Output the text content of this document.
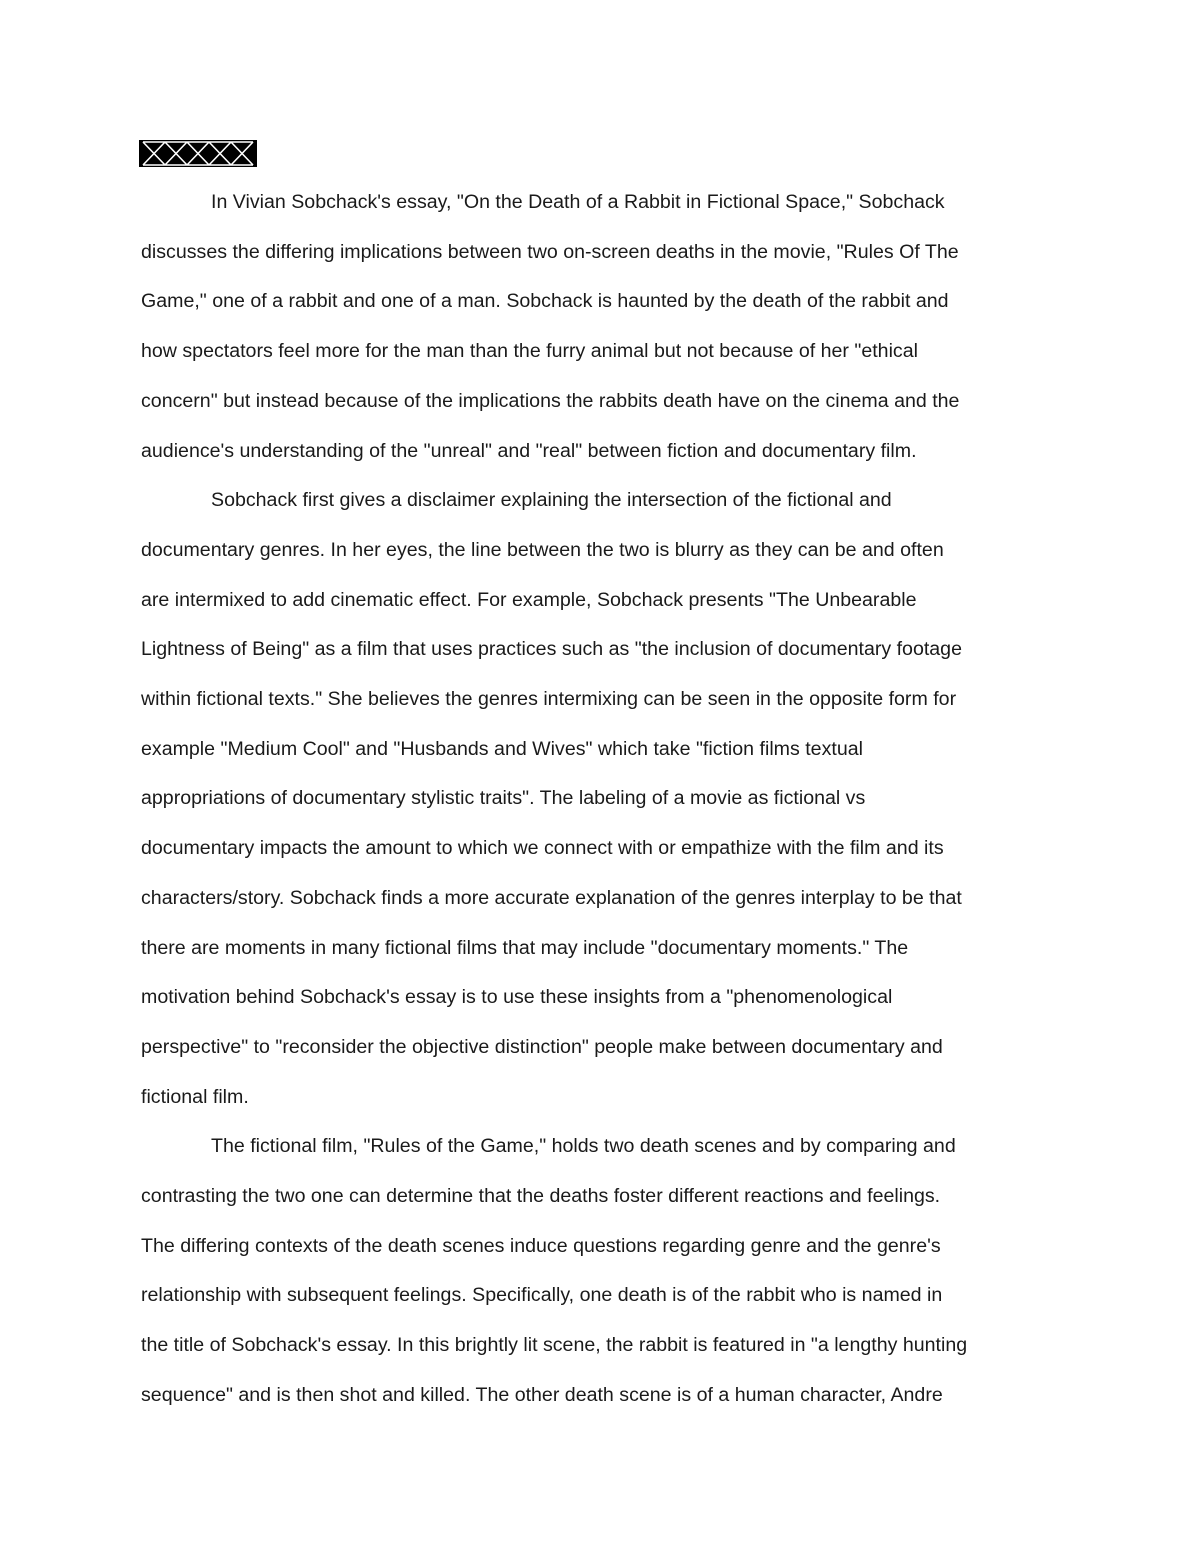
In Vivian Sobchack's essay, "On the Death of a Rabbit in Fictional Space," Sobchack
discusses the differing implications between two on-screen deaths in the movie, "Rules Of The
Game," one of a rabbit and one of a man. Sobchack is haunted by the death of the rabbit and
how spectators feel more for the man than the furry animal but not because of her "ethical
concern" but instead because of the implications the rabbits death have on the cinema and the
audience's understanding of the "unreal" and "real" between fiction and documentary film.

Sobchack first gives a disclaimer explaining the intersection of the fictional and
documentary genres. In her eyes, the line between the two is blurry as they can be and often
are intermixed to add cinematic effect. For example, Sobchack presents "The Unbearable
Lightness of Being" as a film that uses practices such as "the inclusion of documentary footage
within fictional texts." She believes the genres intermixing can be seen in the opposite form for
example "Medium Cool" and "Husbands and Wives" which take "fiction films textual
appropriations of documentary stylistic traits". The labeling of a movie as fictional vs
documentary impacts the amount to which we connect with or empathize with the film and its
characters/story. Sobchack finds a more accurate explanation of the genres interplay to be that
there are moments in many fictional films that may include "documentary moments." The
motivation behind Sobchack's essay is to use these insights from a "phenomenological
perspective" to "reconsider the objective distinction" people make between documentary and
fictional film.

The fictional film, "Rules of the Game," holds two death scenes and by comparing and
contrasting the two one can determine that the deaths foster different reactions and feelings.
The differing contexts of the death scenes induce questions regarding genre and the genre's
relationship with subsequent feelings. Specifically, one death is of the rabbit who is named in
the title of Sobchack's essay. In this brightly lit scene, the rabbit is featured in "a lengthy hunting
sequence" and is then shot and killed. The other death scene is of a human character, Andre
